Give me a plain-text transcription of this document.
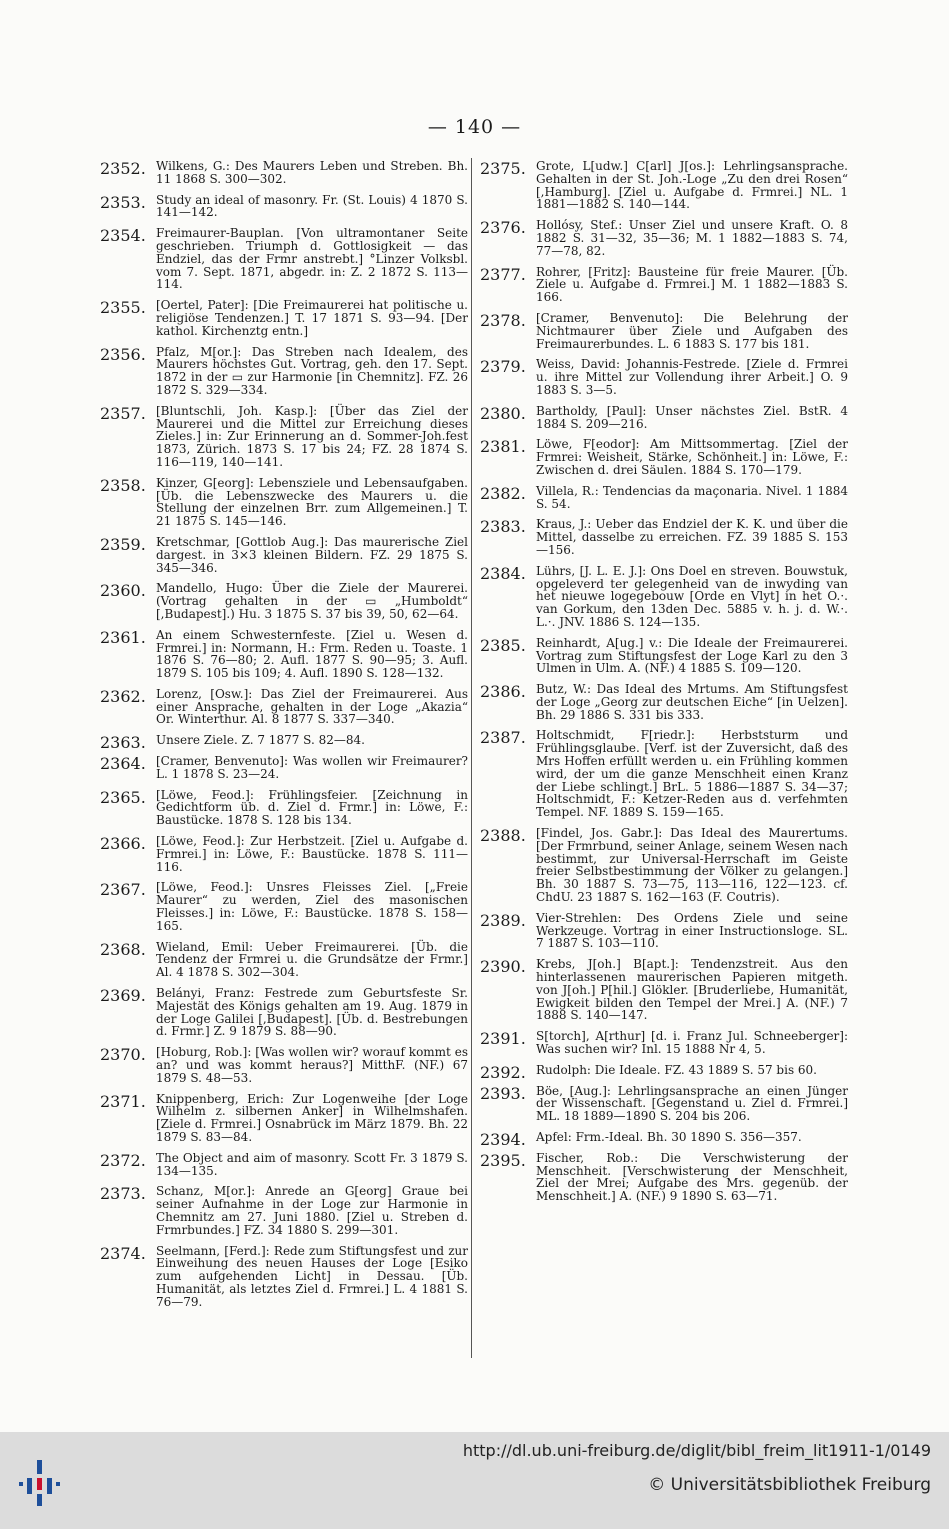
— 140 —
2352. Wilkens, G.: Des Maurers Leben und Streben. Bh. 11 1868 S. 300—302.
2353. Study an ideal of masonry. Fr. (St. Louis) 4 1870 S. 141—142.
2354. Freimaurer-Bauplan. [Von ultramontaner Seite geschrieben. Triumph d. Gottlosigkeit — das Endziel, das der Frmr anstrebt.] °Linzer Volksbl. vom 7. Sept. 1871, abgedr. in: Z. 2 1872 S. 113—114.
2355. [Oertel, Pater]: [Die Freimaurerei hat politische u. religiöse Tendenzen.] T. 17 1871 S. 93—94. [Der kathol. Kirchenztg entn.]
2356. Pfalz, M[or.]: Das Streben nach Idealem, des Maurers höchstes Gut. Vortrag, geh. den 17. Sept. 1872 in der ▭ zur Harmonie [in Chemnitz]. FZ. 26 1872 S. 329—334.
2357. [Bluntschli, Joh. Kasp.]: [Über das Ziel der Maurerei und die Mittel zur Erreichung dieses Zieles.] in: Zur Erinnerung an d. Sommer-Joh.fest 1873, Zürich. 1873 S. 17 bis 24; FZ. 28 1874 S. 116—119, 140—141.
2358. Kinzer, G[eorg]: Lebensziele und Lebensaufgaben. [Üb. die Lebenszwecke des Maurers u. die Stellung der einzelnen Brr. zum Allgemeinen.] T. 21 1875 S. 145—146.
2359. Kretschmar, [Gottlob Aug.]: Das maurerische Ziel dargest. in 3×3 kleinen Bildern. FZ. 29 1875 S. 345—346.
2360. Mandello, Hugo: Über die Ziele der Maurerei. (Vortrag gehalten in der ▭ „Humboldt“ [,Budapest].) Hu. 3 1875 S. 37 bis 39, 50, 62—64.
2361. An einem Schwesternfeste. [Ziel u. Wesen d. Frmrei.] in: Normann, H.: Frm. Reden u. Toaste. 1 1876 S. 76—80; 2. Aufl. 1877 S. 90—95; 3. Aufl. 1879 S. 105 bis 109; 4. Aufl. 1890 S. 128—132.
2362. Lorenz, [Osw.]: Das Ziel der Freimaurerei. Aus einer Ansprache, gehalten in der Loge „Akazia“ Or. Winterthur. Al. 8 1877 S. 337—340.
2363. Unsere Ziele. Z. 7 1877 S. 82—84.
2364. [Cramer, Benvenuto]: Was wollen wir Freimaurer? L. 1 1878 S. 23—24.
2365. [Löwe, Feod.]: Frühlingsfeier. [Zeichnung in Gedichtform üb. d. Ziel d. Frmr.] in: Löwe, F.: Baustücke. 1878 S. 128 bis 134.
2366. [Löwe, Feod.]: Zur Herbstzeit. [Ziel u. Aufgabe d. Frmrei.] in: Löwe, F.: Baustücke. 1878 S. 111—116.
2367. [Löwe, Feod.]: Unsres Fleisses Ziel. [„Freie Maurer“ zu werden, Ziel des masonischen Fleisses.] in: Löwe, F.: Baustücke. 1878 S. 158—165.
2368. Wieland, Emil: Ueber Freimaurerei. [Üb. die Tendenz der Frmrei u. die Grundsätze der Frmr.] Al. 4 1878 S. 302—304.
2369. Belányi, Franz: Festrede zum Geburtsfeste Sr. Majestät des Königs gehalten am 19. Aug. 1879 in der Loge Galilei [,Budapest]. [Üb. d. Bestrebungen d. Frmr.] Z. 9 1879 S. 88—90.
2370. [Hoburg, Rob.]: [Was wollen wir? worauf kommt es an? und was kommt heraus?] MitthF. (NF.) 67 1879 S. 48—53.
2371. Knippenberg, Erich: Zur Logenweihe [der Loge Wilhelm z. silbernen Anker] in Wilhelmshafen. [Ziele d. Frmrei.] Osnabrück im März 1879. Bh. 22 1879 S. 83—84.
2372. The Object and aim of masonry. Scott Fr. 3 1879 S. 134—135.
2373. Schanz, M[or.]: Anrede an G[eorg] Graue bei seiner Aufnahme in der Loge zur Harmonie in Chemnitz am 27. Juni 1880. [Ziel u. Streben d. Frmrbundes.] FZ. 34 1880 S. 299—301.
2374. Seelmann, [Ferd.]: Rede zum Stiftungsfest und zur Einweihung des neuen Hauses der Loge [Esiko zum aufgehenden Licht] in Dessau. [Üb. Humanität, als letztes Ziel d. Frmrei.] L. 4 1881 S. 76—79.
2375. Grote, L[udw.] C[arl] J[os.]: Lehrlingsansprache. Gehalten in der St. Joh.-Loge „Zu den drei Rosen“ [,Hamburg]. [Ziel u. Aufgabe d. Frmrei.] NL. 1 1881—1882 S. 140—144.
2376. Hollósy, Stef.: Unser Ziel und unsere Kraft. O. 8 1882 S. 31—32, 35—36; M. 1 1882—1883 S. 74, 77—78, 82.
2377. Rohrer, [Fritz]: Bausteine für freie Maurer. [Üb. Ziele u. Aufgabe d. Frmrei.] M. 1 1882—1883 S. 166.
2378. [Cramer, Benvenuto]: Die Belehrung der Nichtmaurer über Ziele und Aufgaben des Freimaurerbundes. L. 6 1883 S. 177 bis 181.
2379. Weiss, David: Johannis-Festrede. [Ziele d. Frmrei u. ihre Mittel zur Vollendung ihrer Arbeit.] O. 9 1883 S. 3—5.
2380. Bartholdy, [Paul]: Unser nächstes Ziel. BstR. 4 1884 S. 209—216.
2381. Löwe, F[eodor]: Am Mittsommertag. [Ziel der Frmrei: Weisheit, Stärke, Schönheit.] in: Löwe, F.: Zwischen d. drei Säulen. 1884 S. 170—179.
2382. Villela, R.: Tendencias da maçonaria. Nivel. 1 1884 S. 54.
2383. Kraus, J.: Ueber das Endziel der K. K. und über die Mittel, dasselbe zu erreichen. FZ. 39 1885 S. 153—156.
2384. Lührs, [J. L. E. J.]: Ons Doel en streven. Bouwstuk, opgeleverd ter gelegenheid van de inwyding van het nieuwe logegebouw [Orde en Vlyt] in het O.·. van Gorkum, den 13den Dec. 5885 v. h. j. d. W.·. L.·. JNV. 1886 S. 124—135.
2385. Reinhardt, A[ug.] v.: Die Ideale der Freimaurerei. Vortrag zum Stiftungsfest der Loge Karl zu den 3 Ulmen in Ulm. A. (NF.) 4 1885 S. 109—120.
2386. Butz, W.: Das Ideal des Mrtums. Am Stiftungsfest der Loge „Georg zur deutschen Eiche“ [in Uelzen]. Bh. 29 1886 S. 331 bis 333.
2387. Holtschmidt, F[riedr.]: Herbststurm und Frühlingsglaube. [Verf. ist der Zuversicht, daß des Mrs Hoffen erfüllt werden u. ein Frühling kommen wird, der um die ganze Menschheit einen Kranz der Liebe schlingt.] BrL. 5 1886—1887 S. 34—37; Holtschmidt, F.: Ketzer-Reden aus d. verfehmten Tempel. NF. 1889 S. 159—165.
2388. [Findel, Jos. Gabr.]: Das Ideal des Maurertums. [Der Frmrbund, seiner Anlage, seinem Wesen nach bestimmt, zur Universal-Herrschaft im Geiste freier Selbstbestimmung der Völker zu gelangen.] Bh. 30 1887 S. 73—75, 113—116, 122—123. cf. ChdU. 23 1887 S. 162—163 (F. Coutris).
2389. Vier-Strehlen: Des Ordens Ziele und seine Werkzeuge. Vortrag in einer Instructionsloge. SL. 7 1887 S. 103—110.
2390. Krebs, J[oh.] B[apt.]: Tendenzstreit. Aus den hinterlassenen maurerischen Papieren mitgeth. von J[oh.] P[hil.] Glökler. [Bruderliebe, Humanität, Ewigkeit bilden den Tempel der Mrei.] A. (NF.) 7 1888 S. 140—147.
2391. S[torch], A[rthur] [d. i. Franz Jul. Schneeberger]: Was suchen wir? Inl. 15 1888 Nr 4, 5.
2392. Rudolph: Die Ideale. FZ. 43 1889 S. 57 bis 60.
2393. Böe, [Aug.]: Lehrlingsansprache an einen Jünger der Wissenschaft. [Gegenstand u. Ziel d. Frmrei.] ML. 18 1889—1890 S. 204 bis 206.
2394. Apfel: Frm.-Ideal. Bh. 30 1890 S. 356—357.
2395. Fischer, Rob.: Die Verschwisterung der Menschheit. [Verschwisterung der Menschheit, Ziel der Mrei; Aufgabe des Mrs. gegenüb. der Menschheit.] A. (NF.) 9 1890 S. 63—71.
http://dl.ub.uni-freiburg.de/diglit/bibl_freim_lit1911-1/0149
© Universitätsbibliothek Freiburg
